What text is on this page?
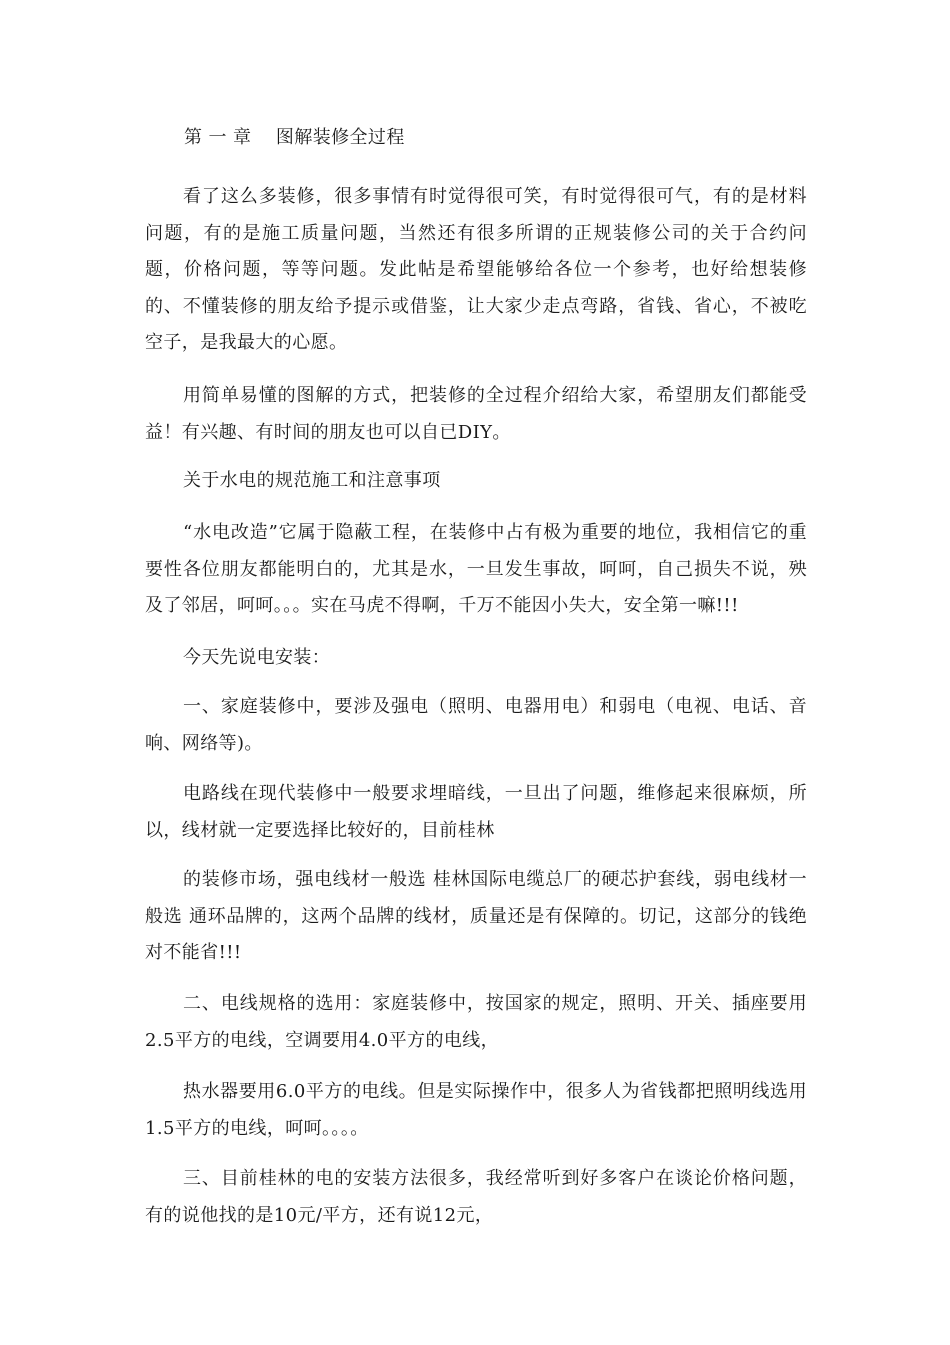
第 一 章    图解装修全过程

看了这么多装修，很多事情有时觉得很可笑，有时觉得很可气，有的是材料问题，有的是施工质量问题，当然还有很多所谓的正规装修公司的关于合约问题，价格问题，等等问题。发此帖是希望能够给各位一个参考，也好给想装修的、不懂装修的朋友给予提示或借鉴，让大家少走点弯路，省钱、省心，不被吃空子，是我最大的心愿。

用简单易懂的图解的方式，把装修的全过程介绍给大家，希望朋友们都能受益！有兴趣、有时间的朋友也可以自已DIY。

关于水电的规范施工和注意事项

“水电改造”它属于隐蔽工程，在装修中占有极为重要的地位，我相信它的重要性各位朋友都能明白的，尤其是水，一旦发生事故，呵呵，自己损失不说，殃及了邻居，呵呵。。。实在马虎不得啊，千万不能因小失大，安全第一嘛!!!

今天先说电安装：

一、家庭装修中，要涉及强电（照明、电器用电）和弱电（电视、电话、音响、网络等)。

电路线在现代装修中一般要求埋暗线，一旦出了问题，维修起来很麻烦，所以，线材就一定要选择比较好的，目前桂林

的装修市场，强电线材一般选 桂林国际电缆总厂的硬芯护套线，弱电线材一般选 通环品牌的，这两个品牌的线材，质量还是有保障的。切记，这部分的钱绝对不能省!!!

二、电线规格的选用：家庭装修中，按国家的规定，照明、开关、插座要用2.5平方的电线，空调要用4.0平方的电线，

热水器要用6.0平方的电线。但是实际操作中，很多人为省钱都把照明线选用1.5平方的电线，呵呵。。。。

三、目前桂林的电的安装方法很多，我经常听到好多客户在谈论价格问题，有的说他找的是10元/平方，还有说12元，
